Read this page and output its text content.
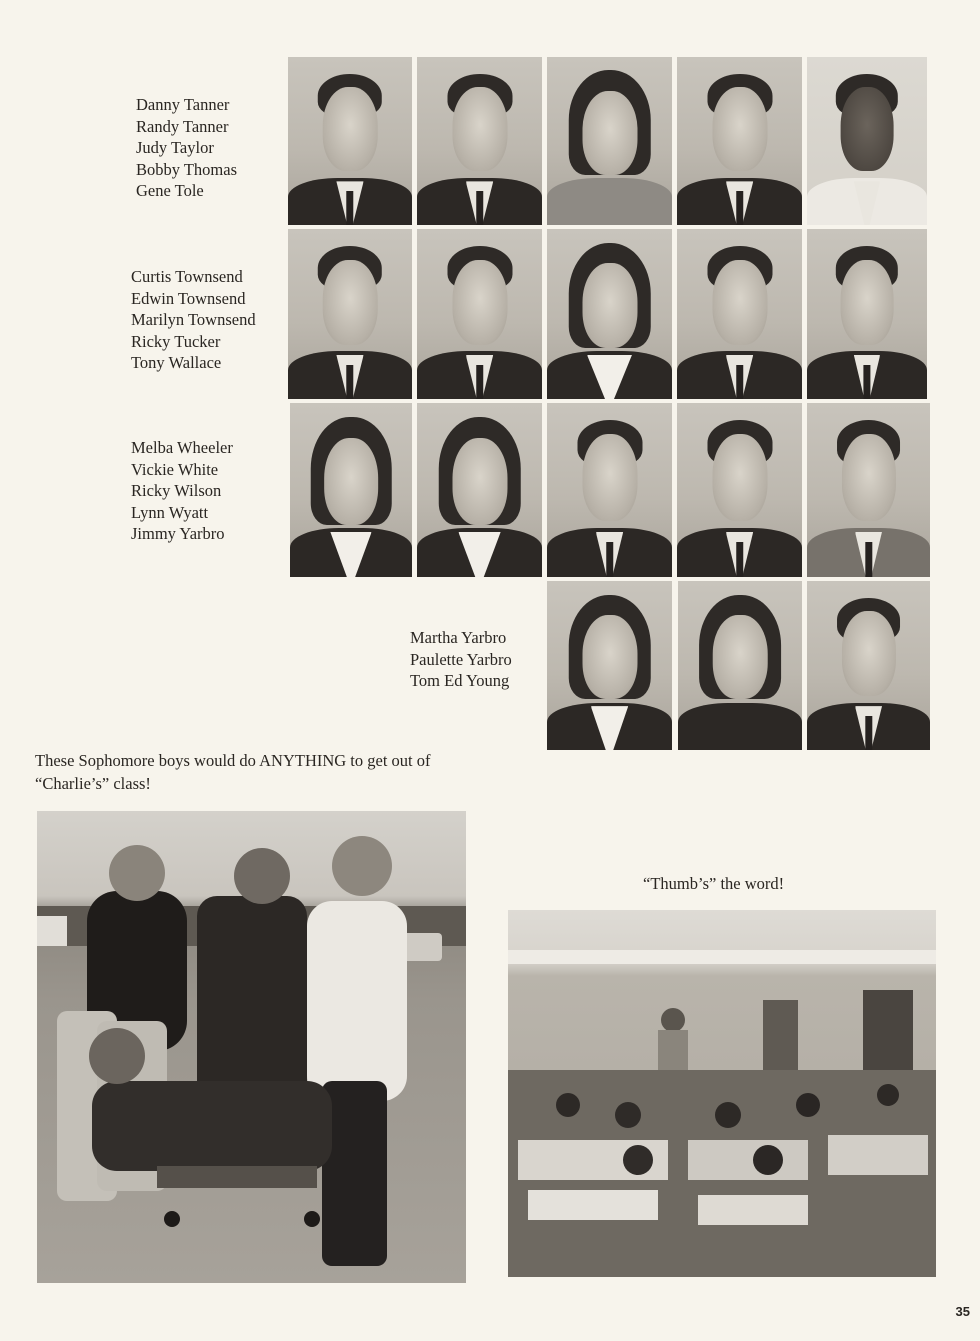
Danny Tanner
Randy Tanner
Judy Taylor
Bobby Thomas
Gene Tole
Curtis Townsend
Edwin Townsend
Marilyn Townsend
Ricky Tucker
Tony Wallace
Melba Wheeler
Vickie White
Ricky Wilson
Lynn Wyatt
Jimmy Yarbro
Martha Yarbro
Paulette Yarbro
Tom Ed Young

These Sophomore boys would do ANYTHING to get out of “Charlie’s” class!

“Thumb’s” the word!

35
